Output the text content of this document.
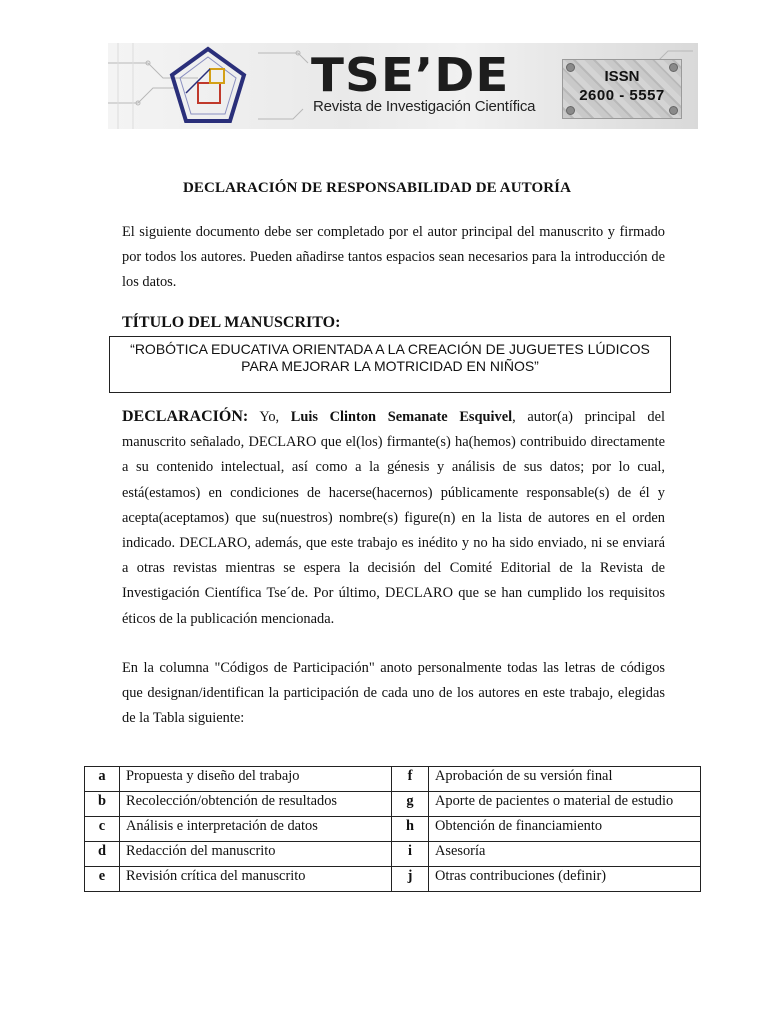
TSE’DE

Revista de Investigación Científica

ISSN

2600 - 5557

DECLARACIÓN DE RESPONSABILIDAD DE AUTORÍA

El siguiente documento debe ser completado por el autor principal del manuscrito y firmado por todos los autores. Pueden añadirse tantos espacios sean necesarios para la introducción de los datos.

TÍTULO DEL MANUSCRITO:

“ROBÓTICA EDUCATIVA ORIENTADA A LA CREACIÓN DE JUGUETES LÚDICOS PARA MEJORAR LA MOTRICIDAD EN NIÑOS”

DECLARACIÓN: Yo, Luis Clinton Semanate Esquivel, autor(a) principal del manuscrito señalado, DECLARO que el(los) firmante(s) ha(hemos) contribuido directamente a su contenido intelectual, así como a la génesis y análisis de sus datos; por lo cual, está(estamos) en condiciones de hacerse(hacernos) públicamente responsable(s) de él y acepta(aceptamos) que su(nuestros) nombre(s) figure(n) en la lista de autores en el orden indicado. DECLARO, además, que este trabajo es inédito y no ha sido enviado, ni se enviará a otras revistas mientras se espera la decisión del Comité Editorial de la Revista de Investigación Científica Tse´de. Por último, DECLARO que se han cumplido los requisitos éticos de la publicación mencionada.

En la columna "Códigos de Participación" anoto personalmente todas las letras de códigos que designan/identifican la participación de cada uno de los autores en este trabajo, elegidas de la Tabla siguiente:

a	Propuesta y diseño del trabajo	f	Aprobación de su versión final
b	Recolección/obtención de resultados	g	Aporte de pacientes o material de estudio
c	Análisis e interpretación de datos	h	Obtención de financiamiento
d	Redacción del manuscrito	i	Asesoría
e	Revisión crítica del manuscrito	j	Otras contribuciones (definir)
